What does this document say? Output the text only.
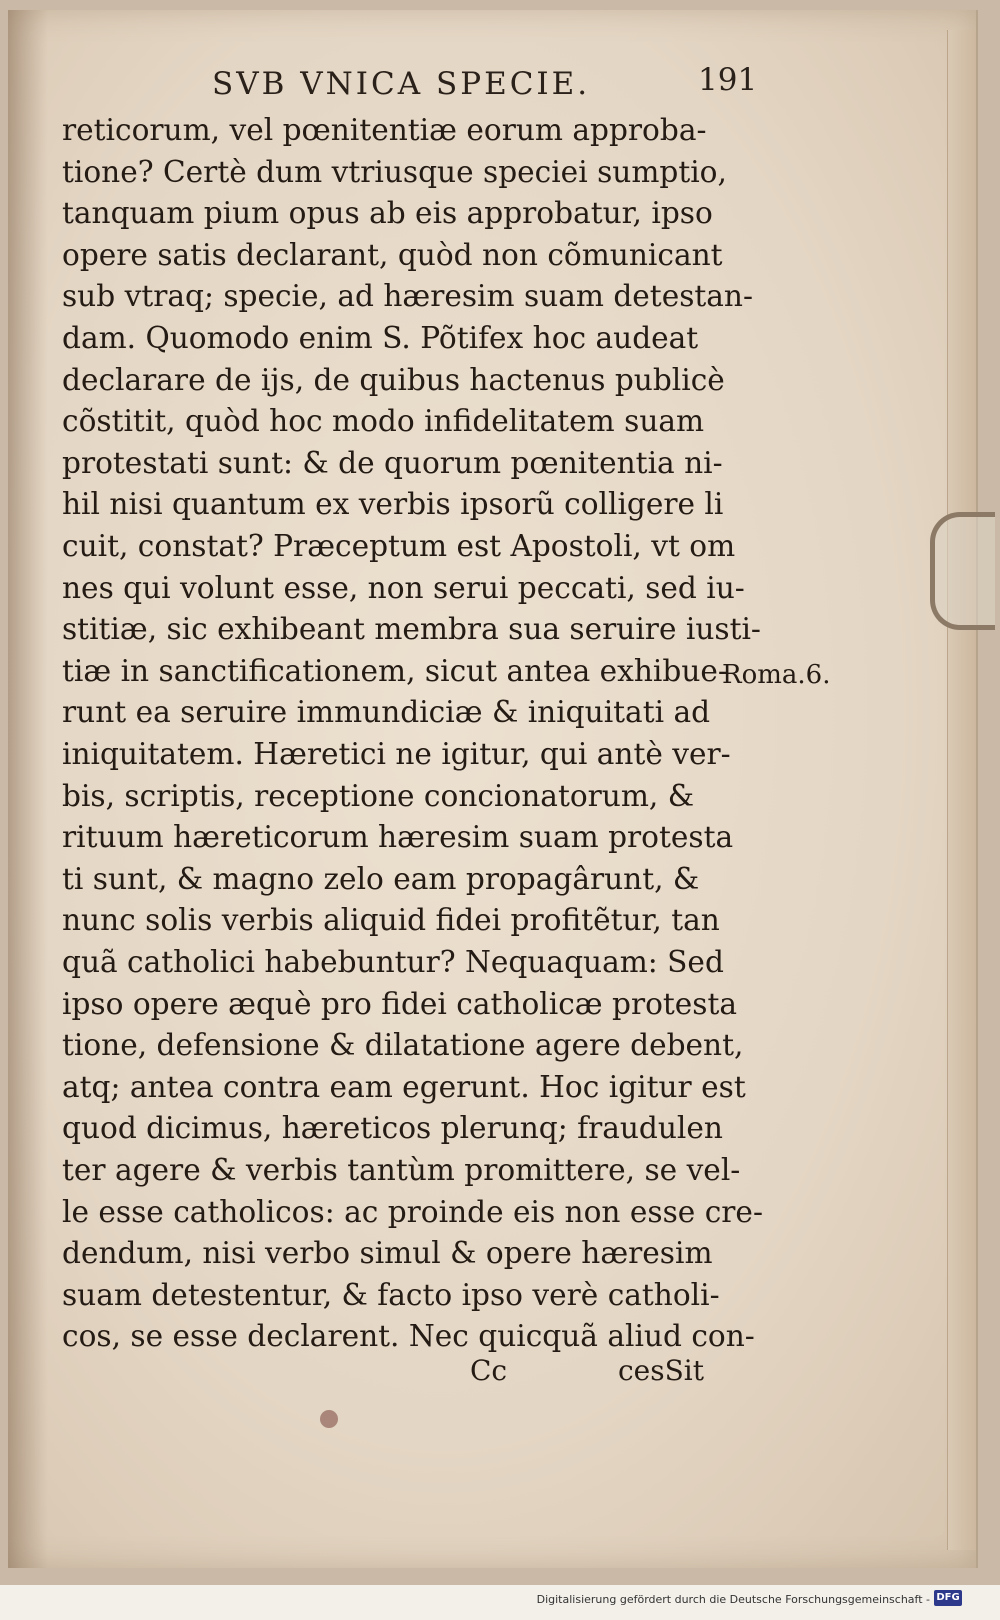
SVB VNICA SPECIE.	191
reticorum, vel pœnitentiæ eorum approba-
tione? Certè dum vtriusque speciei sumptio,
tanquam pium opus ab eis approbatur, ipso
opere satis declarant, quòd non cõmunicant
sub vtraq; specie, ad hæresim suam detestan-
dam. Quomodo enim S. Põtifex hoc audeat
declarare de ijs, de quibus hactenus publicè
cõstitit, quòd hoc modo infidelitatem suam
protestati sunt: & de quorum pœnitentia ni-
hil nisi quantum ex verbis ipsorũ colligere li
cuit, constat? Præceptum est Apostoli, vt om
nes qui volunt esse, non serui peccati, sed iu-
stitiæ, sic exhibeant membra sua seruire iusti-
tiæ in sanctificationem, sicut antea exhibue-
runt ea seruire immundiciæ & iniquitati ad
iniquitatem. Hæretici ne igitur, qui antè ver-
bis, scriptis, receptione concionatorum, &
rituum hæreticorum hæresim suam protesta
ti sunt, & magno zelo eam propagârunt, &
nunc solis verbis aliquid fidei profitẽtur, tan
quã catholici habebuntur? Nequaquam: Sed
ipso opere æquè pro fidei catholicæ protesta
tione, defensione & dilatatione agere debent,
atq; antea contra eam egerunt. Hoc igitur est
quod dicimus, hæreticos plerunq; fraudulen
ter agere & verbis tantùm promittere, se vel-
le esse catholicos: ac proinde eis non esse cre-
dendum, nisi verbo simul & opere hæresim
suam detestentur, & facto ipso verè catholi-
cos, se esse declarent. Nec quicquã aliud con-
Roma.6.
Cc	cesSit
Digitalisierung gefördert durch die Deutsche Forschungsgemeinschaft - DFG
